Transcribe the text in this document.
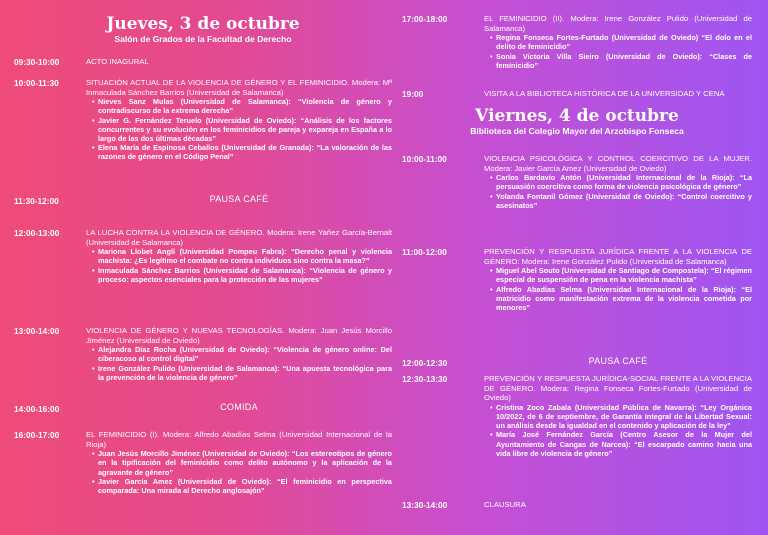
Jueves, 3 de octubre
Salón de Grados de la Facultad de Derecho
09:30-10:00	ACTO INAGURAL
10:00-11:30	SITUACIÓN ACTUAL DE LA VIOLENCIA DE GÉNERO Y EL FEMINICIDIO. Modera: Mª Inmaculada Sánchez Barrios (Universidad de Salamanca)
• Nieves Sanz Mulas (Universidad de Salamanca): “Violencia de género y contradiscurso de la extrema derecha”
• Javier G. Fernández Teruelo (Universidad de Oviedo): “Análisis de los factores concurrentes y su evolución en los feminicidios de pareja y expareja en España a lo largo de las dos últimas décadas”
• Elena María de Espinosa Ceballos (Universidad de Granada): “La valoración de las razones de género en el Código Penal”
11:30-12:00	PAUSA CAFÉ
12:00-13:00	LA LUCHA CONTRA LA VIOLENCIA DE GÉNERO. Modera: Irene Yañez García-Bernalt (Universidad de Salamanca)
• Mariona Llobet Anglí (Universidad Pompeu Fabra): “Derecho penal y violencia machista: ¿Es legítimo el combate no contra individuos sino contra la masa?”
• Inmaculada Sánchez Barrios (Universidad de Salamanca): “Violencia de género y proceso: aspectos esenciales para la protección de las mujeres”
13:00-14:00	VIOLENCIA DE GÉNERO Y NUEVAS TECNOLOGÍAS. Modera: Juan Jesús Morcillo Jiménez (Universidad de Oviedo)
• Alejandra Díaz Rocha (Universidad de Oviedo): “Violencia de género online: Del ciberacoso al control digital”
• Irene González Pulido (Universidad de Salamanca): “Una apuesta tecnológica para la prevención de la violencia de género”
14:00-16:00	COMIDA
16:00-17:00	EL FEMINICIDIO (I). Modera: Alfredo Abadías Selma (Universidad Internacional de la Rioja)
• Juan Jesús Morcillo Jiménez (Universidad de Oviedo): “Los estereotipos de género en la tipificación del feminicidio como delito autónomo y la aplicación de la agravante de género”
• Javier García Amez (Universidad de Oviedo): “El feminicidio en perspectiva comparada: Una mirada al Derecho anglosajón”
17:00-18:00	EL FEMINICIDIO (II). Modera: Irene González Pulido (Universidad de Salamanca)
• Regina Fonseca Fortes-Furtado (Universidad de Oviedo) “El dolo en el delito de feminicidio”
• Sonia Victoria Villa Sieiro (Universidad de Oviedo): “Clases de feminicidio”
19:00	VISITA A LA BIBLIOTECA HISTÓRICA DE LA UNIVERSIDAD Y CENA
Viernes, 4 de octubre
Biblioteca del Colegio Mayor del Arzobispo Fonseca
10:00-11:00	VIOLENCIA PSICOLÓGICA Y CONTROL COERCITIVO DE LA MUJER. Modera: Javier García Amez (Universidad de Oviedo)
• Carlos Bardavío Antón (Universidad Internacional de la Rioja): “La persuasión coercitiva como forma de violencia psicológica de género”
• Yolanda Fontanil Gómez (Universidad de Oviedo): “Control coercitivo y asesinatos”
11:00-12:00	PREVENCIÓN Y RESPUESTA JURÍDICA FRENTE A LA VIOLENCIA DE GÉNERO: Modera: Irene González Pulido (Universidad de Salamanca)
• Miguel Abel Souto (Universidad de Santiago de Compostela): “El régimen especial de suspensión de pena en la violencia machista”
• Alfredo Abadías Selma (Universidad Internacional de la Rioja): “El matricidio como manifestación extrema de la violencia cometida por menores”
12:00-12:30	PAUSA CAFÉ
12:30-13:30	PREVENCIÓN Y RESPUESTA JURÍDICA-SOCIAL FRENTE A LA VIOLENCIA DE GÉNERO. Modera: Regina Fonseca Fortes-Furtado (Universidad de Oviedo)
• Cristina Zoco Zabala (Universidad Pública de Navarra): “Ley Orgánica 10/2022, de 6 de septiembre, de Garantía Integral de la Libertad Sexual: un análisis desde la igualdad en el contenido y aplicación de la ley”
• María José Fernández García (Centro Asesor de la Mujer del Ayuntamiento de Cangas de Narcea): “El escarpado camino hacia una vida libre de violencia de género”
13:30-14:00	CLAUSURA
